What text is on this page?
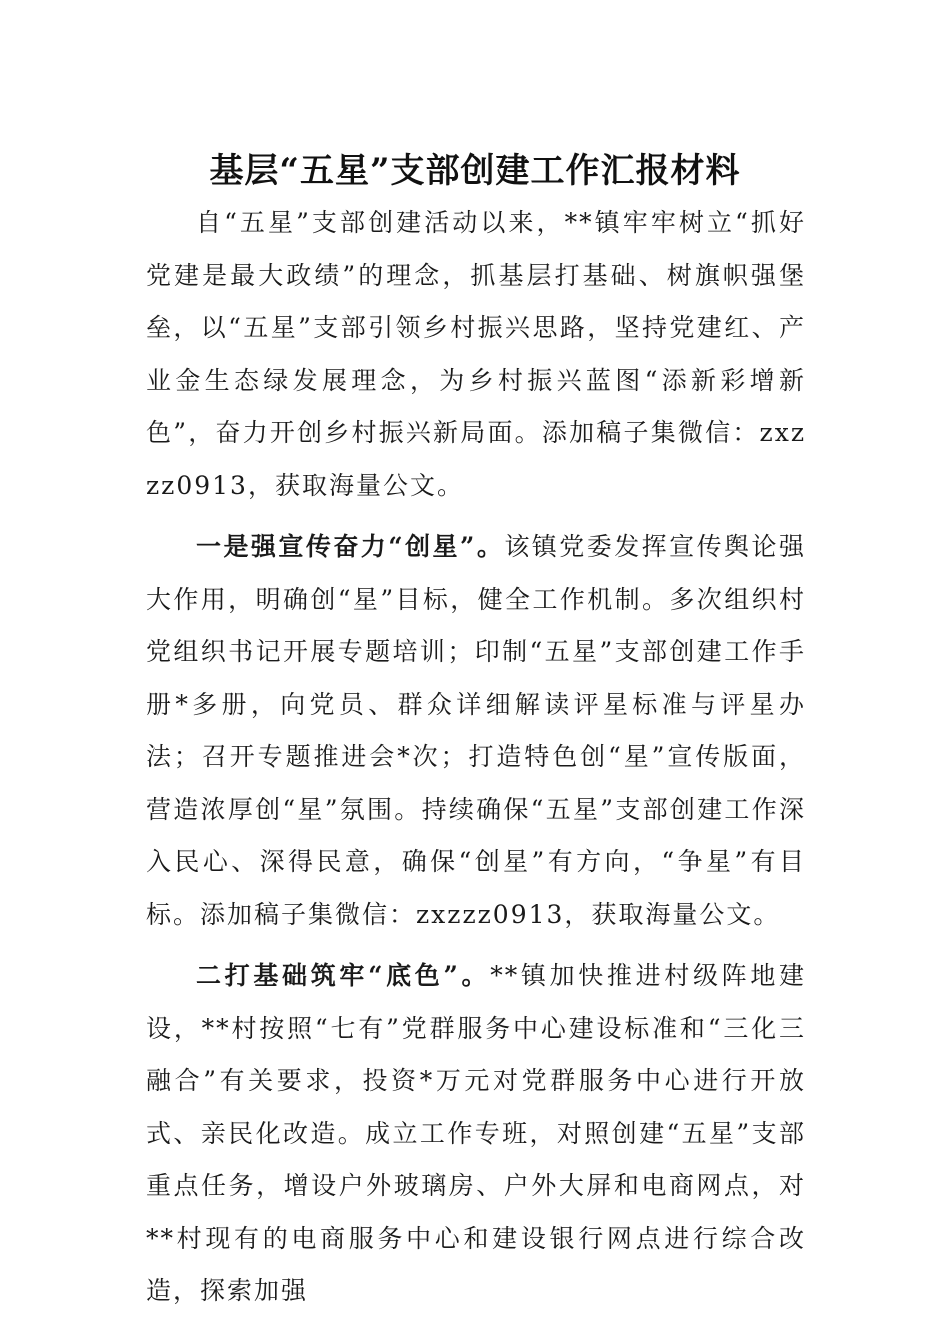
基层“五星”支部创建工作汇报材料

自“五星”支部创建活动以来，**镇牢牢树立“抓好党建是最大政绩”的理念，抓基层打基础、树旗帜强堡垒，以“五星”支部引领乡村振兴思路，坚持党建红、产业金生态绿发展理念，为乡村振兴蓝图“添新彩增新色”，奋力开创乡村振兴新局面。添加稿子集微信：zxzzz0913，获取海量公文。

一是强宣传奋力“创星”。该镇党委发挥宣传舆论强大作用，明确创“星”目标，健全工作机制。多次组织村党组织书记开展专题培训；印制“五星”支部创建工作手册*多册，向党员、群众详细解读评星标准与评星办法；召开专题推进会*次；打造特色创“星”宣传版面，营造浓厚创“星”氛围。持续确保“五星”支部创建工作深入民心、深得民意，确保“创星”有方向，“争星”有目标。添加稿子集微信：zxzzz0913，获取海量公文。

二打基础筑牢“底色”。**镇加快推进村级阵地建设，**村按照“七有”党群服务中心建设标准和“三化三融合”有关要求，投资*万元对党群服务中心进行开放式、亲民化改造。成立工作专班，对照创建“五星”支部重点任务，增设户外玻璃房、户外大屏和电商网点，对**村现有的电商服务中心和建设银行网点进行综合改造，探索加强
